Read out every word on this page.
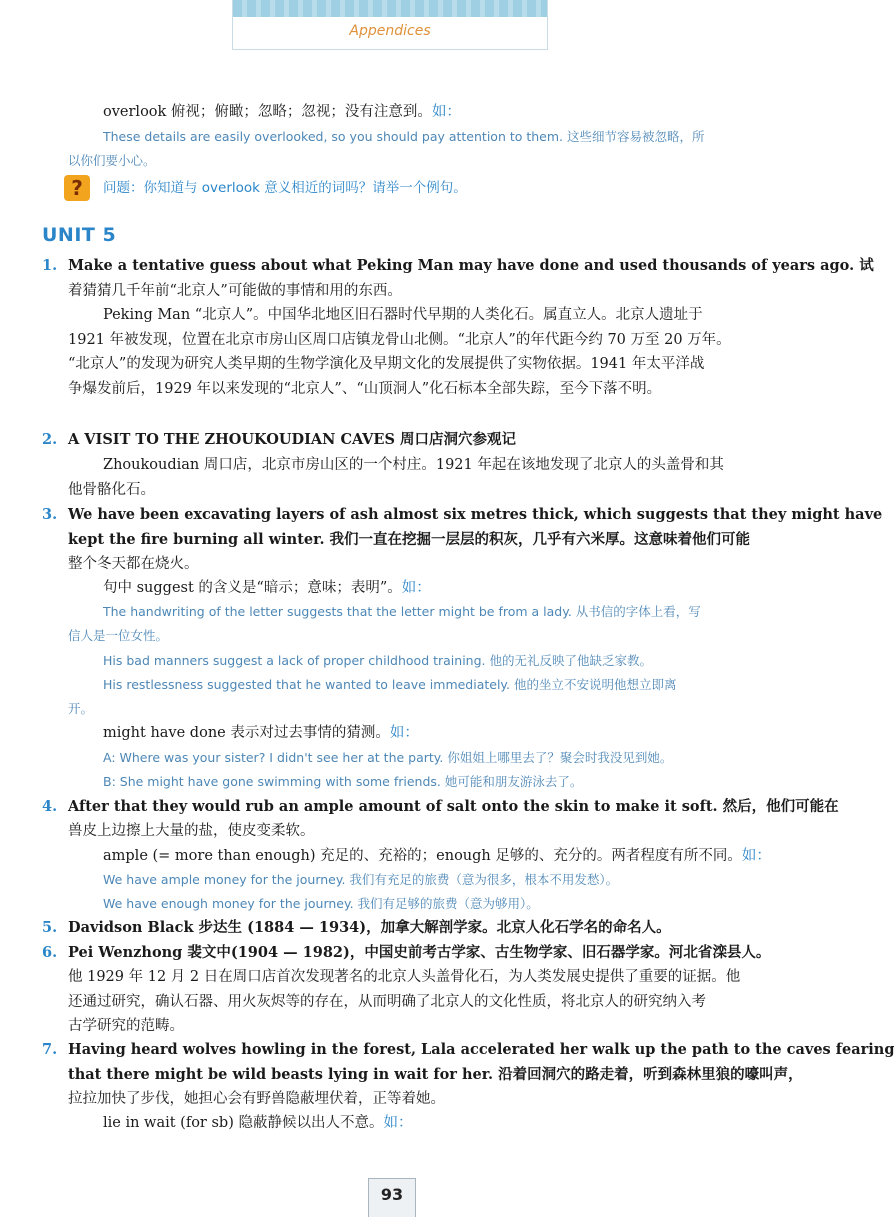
Appendices
overlook 俯视；俯瞰；忽略；忽视；没有注意到。如：
These details are easily overlooked, so you should pay attention to them. 这些细节容易被忽略，所
以你们要小心。
?	问题：你知道与 overlook 意义相近的词吗？请举一个例句。
UNIT 5
1. Make a tentative guess about what Peking Man may have done and used thousands of years ago. 试
着猜猜几千年前“北京人”可能做的事情和用的东西。
Peking Man “北京人”。中国华北地区旧石器时代早期的人类化石。属直立人。北京人遗址于
1921 年被发现，位置在北京市房山区周口店镇龙骨山北侧。“北京人”的年代距今约 70 万至 20 万年。
“北京人”的发现为研究人类早期的生物学演化及早期文化的发展提供了实物依据。1941 年太平洋战
争爆发前后，1929 年以来发现的“北京人”、“山顶洞人”化石标本全部失踪，至今下落不明。
2. A VISIT TO THE ZHOUKOUDIAN CAVES 周口店洞穴参观记
Zhoukoudian 周口店，北京市房山区的一个村庄。1921 年起在该地发现了北京人的头盖骨和其
他骨骼化石。
3. We have been excavating layers of ash almost six metres thick, which suggests that they might have
kept the fire burning all winter. 我们一直在挖掘一层层的积灰，几乎有六米厚。这意味着他们可能
整个冬天都在烧火。
句中 suggest 的含义是“暗示；意味；表明”。如：
The handwriting of the letter suggests that the letter might be from a lady. 从书信的字体上看，写
信人是一位女性。
His bad manners suggest a lack of proper childhood training. 他的无礼反映了他缺乏家教。
His restlessness suggested that he wanted to leave immediately. 他的坐立不安说明他想立即离
开。
might have done 表示对过去事情的猜测。如：
A: Where was your sister? I didn't see her at the party. 你姐姐上哪里去了？聚会时我没见到她。
B: She might have gone swimming with some friends. 她可能和朋友游泳去了。
4. After that they would rub an ample amount of salt onto the skin to make it soft. 然后，他们可能在
兽皮上边擦上大量的盐，使皮变柔软。
ample (= more than enough) 充足的、充裕的；enough 足够的、充分的。两者程度有所不同。如：
We have ample money for the journey. 我们有充足的旅费（意为很多，根本不用发愁）。
We have enough money for the journey. 我们有足够的旅费（意为够用）。
5. Davidson Black 步达生 (1884 — 1934)，加拿大解剖学家。北京人化石学名的命名人。
6. Pei Wenzhong 裴文中(1904 — 1982)，中国史前考古学家、古生物学家、旧石器学家。河北省滦县人。
他 1929 年 12 月 2 日在周口店首次发现著名的北京人头盖骨化石，为人类发展史提供了重要的证据。他
还通过研究，确认石器、用火灰烬等的存在，从而明确了北京人的文化性质，将北京人的研究纳入考
古学研究的范畴。
7. Having heard wolves howling in the forest, Lala accelerated her walk up the path to the caves fearing
that there might be wild beasts lying in wait for her. 沿着回洞穴的路走着，听到森林里狼的嚎叫声，
拉拉加快了步伐，她担心会有野兽隐蔽埋伏着，正等着她。
lie in wait (for sb) 隐蔽静候以出人不意。如：
93
